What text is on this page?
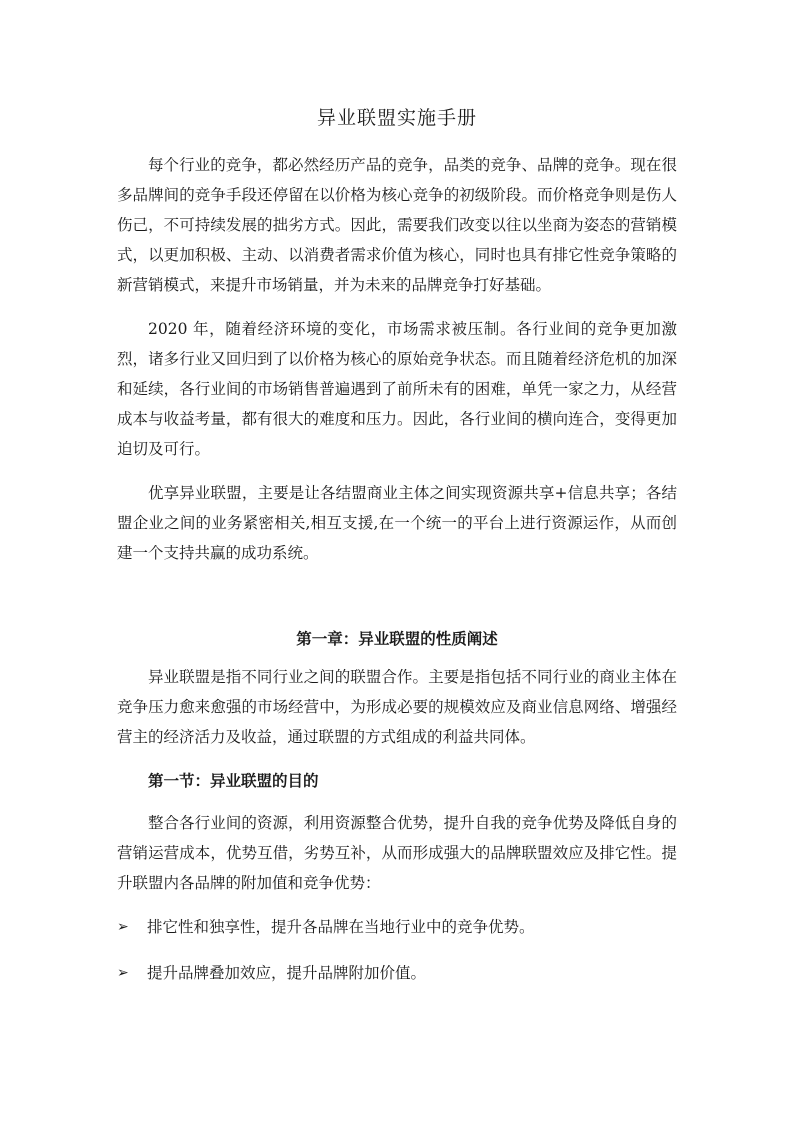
异业联盟实施手册

每个行业的竞争，都必然经历产品的竞争，品类的竞争、品牌的竞争。现在很多品牌间的竞争手段还停留在以价格为核心竞争的初级阶段。而价格竞争则是伤人伤己，不可持续发展的拙劣方式。因此，需要我们改变以往以坐商为姿态的营销模式，以更加积极、主动、以消费者需求价值为核心，同时也具有排它性竞争策略的新营销模式，来提升市场销量，并为未来的品牌竞争打好基础。

2020 年，随着经济环境的变化，市场需求被压制。各行业间的竞争更加激烈，诸多行业又回归到了以价格为核心的原始竞争状态。而且随着经济危机的加深和延续，各行业间的市场销售普遍遇到了前所未有的困难，单凭一家之力，从经营成本与收益考量，都有很大的难度和压力。因此，各行业间的横向连合，变得更加迫切及可行。

优享异业联盟，主要是让各结盟商业主体之间实现资源共享+信息共享；各结盟企业之间的业务紧密相关,相互支援,在一个统一的平台上进行资源运作，从而创建一个支持共赢的成功系统。

第一章：异业联盟的性质阐述

异业联盟是指不同行业之间的联盟合作。主要是指包括不同行业的商业主体在竞争压力愈来愈强的市场经营中，为形成必要的规模效应及商业信息网络、增强经营主的经济活力及收益，通过联盟的方式组成的利益共同体。

第一节：异业联盟的目的

整合各行业间的资源，利用资源整合优势，提升自我的竞争优势及降低自身的营销运营成本，优势互借，劣势互补，从而形成强大的品牌联盟效应及排它性。提升联盟内各品牌的附加值和竞争优势：

➢	排它性和独享性，提升各品牌在当地行业中的竞争优势。
➢	提升品牌叠加效应，提升品牌附加价值。
